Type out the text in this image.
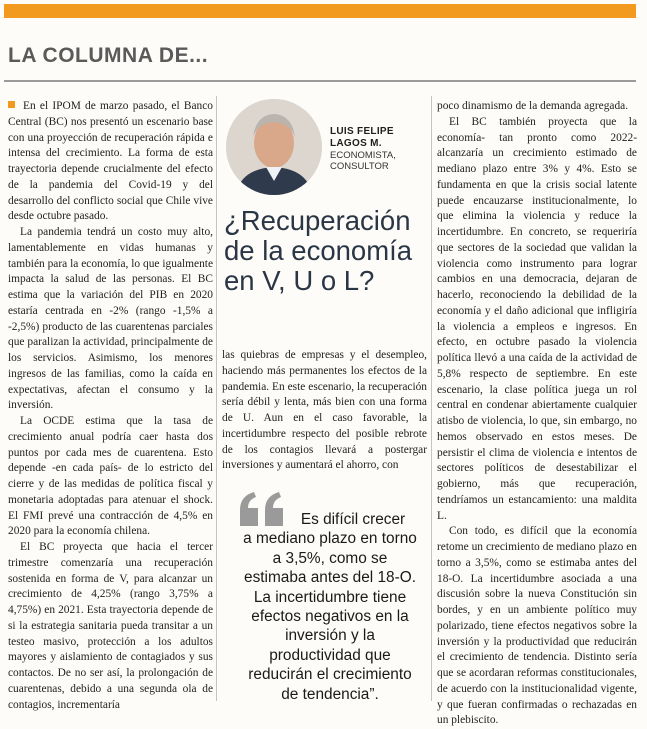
LA COLUMNA DE...

En el IPOM de marzo pasado, el Banco Central (BC) nos presentó un escenario base con una proyección de recuperación rápida e intensa del crecimiento. La forma de esta trayectoria depende crucialmente del efecto de la pandemia del Covid-19 y del desarrollo del conflicto social que Chile vive desde octubre pasado.

La pandemia tendrá un costo muy alto, lamentablemente en vidas humanas y también para la economía, lo que igualmente impacta la salud de las personas. El BC estima que la variación del PIB en 2020 estaría centrada en -2% (rango -1,5% a -2,5%) producto de las cuarentenas parciales que paralizan la actividad, principalmente de los servicios. Asimismo, los menores ingresos de las familias, como la caída en expectativas, afectan el consumo y la inversión.

La OCDE estima que la tasa de crecimiento anual podría caer hasta dos puntos por cada mes de cuarentena. Esto depende -en cada país- de lo estricto del cierre y de las medidas de política fiscal y monetaria adoptadas para atenuar el shock. El FMI prevé una contracción de 4,5% en 2020 para la economía chilena.

El BC proyecta que hacia el tercer trimestre comenzaría una recuperación sostenida en forma de V, para alcanzar un crecimiento de 4,25% (rango 3,75% a 4,75%) en 2021. Esta trayectoria depende de si la estrategia sanitaria pueda transitar a un testeo masivo, protección a los adultos mayores y aislamiento de contagiados y sus contactos. De no ser así, la prolongación de cuarentenas, debido a una segunda ola de contagios, incrementaría

LUIS FELIPE
LAGOS M.
ECONOMISTA,
CONSULTOR
¿Recuperación de la economía en V, U o L?

las quiebras de empresas y el desempleo, haciendo más permanentes los efectos de la pandemia. En este escenario, la recuperación sería débil y lenta, más bien con una forma de U. Aun en el caso favorable, la incertidumbre respecto del posible rebrote de los contagios llevará a postergar inversiones y aumentará el ahorro, con

Es difícil crecer
a mediano plazo en torno a 3,5%, como se estimaba antes del 18-O. La incertidumbre tiene efectos negativos en la inversión y la productividad que reducirán el crecimiento de tendencia”.

poco dinamismo de la demanda agregada.

El BC también proyecta que la economía- tan pronto como 2022- alcanzaría un crecimiento estimado de mediano plazo entre 3% y 4%. Esto se fundamenta en que la crisis social latente puede encauzarse institucionalmente, lo que elimina la violencia y reduce la incertidumbre. En concreto, se requeriría que sectores de la sociedad que validan la violencia como instrumento para lograr cambios en una democracia, dejaran de hacerlo, reconociendo la debilidad de la economía y el daño adicional que infligiría la violencia a empleos e ingresos. En efecto, en octubre pasado la violencia política llevó a una caída de la actividad de 5,8% respecto de septiembre. En este escenario, la clase política juega un rol central en condenar abiertamente cualquier atisbo de violencia, lo que, sin embargo, no hemos observado en estos meses. De persistir el clima de violencia e intentos de sectores políticos de desestabilizar el gobierno, más que recuperación, tendríamos un estancamiento: una maldita L.

Con todo, es difícil que la economía retome un crecimiento de mediano plazo en torno a 3,5%, como se estimaba antes del 18-O. La incertidumbre asociada a una discusión sobre la nueva Constitución sin bordes, y en un ambiente político muy polarizado, tiene efectos negativos sobre la inversión y la productividad que reducirán el crecimiento de tendencia. Distinto sería que se acordaran reformas constitucionales, de acuerdo con la institucionalidad vigente, y que fueran confirmadas o rechazadas en un plebiscito.
